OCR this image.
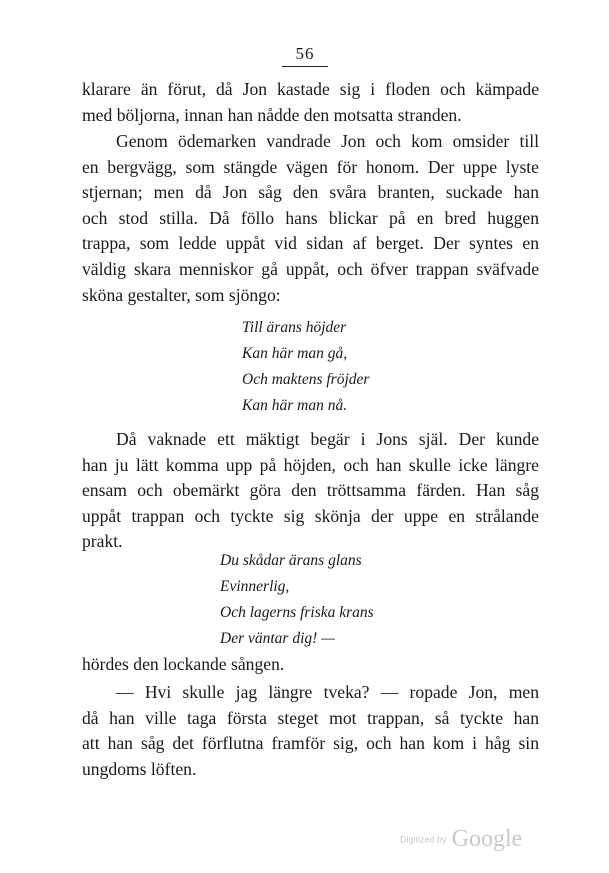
56
klarare än förut, då Jon kastade sig i floden och kämpade
med böljorna, innan han nådde den motsatta stranden.
Genom ödemarken vandrade Jon och kom omsider till
en bergvägg, som stängde vägen för honom. Der uppe lyste
stjernan; men då Jon såg den svåra branten, suckade han
och stod stilla. Då föllo hans blickar på en bred huggen
trappa, som ledde uppåt vid sidan af berget. Der syntes en
väldig skara menniskor gå uppåt, och öfver trappan sväfvade
sköna gestalter, som sjöngo:
Till ärans höjder
Kan här man gå,
Och maktens fröjder
Kan här man nå.
Då vaknade ett mäktigt begär i Jons själ. Der kunde
han ju lätt komma upp på höjden, och han skulle icke längre
ensam och obemärkt göra den tröttsamma färden. Han såg
uppåt trappan och tyckte sig skönja der uppe en strålande
prakt.
Du skådar ärans glans
Evinnerlig,
Och lagerns friska krans
Der väntar dig! —
hördes den lockande sången.
— Hvi skulle jag längre tveka? — ropade Jon, men
då han ville taga första steget mot trappan, så tyckte han
att han såg det förflutna framför sig, och han kom i håg sin
ungdoms löften.
Digitized by Google
